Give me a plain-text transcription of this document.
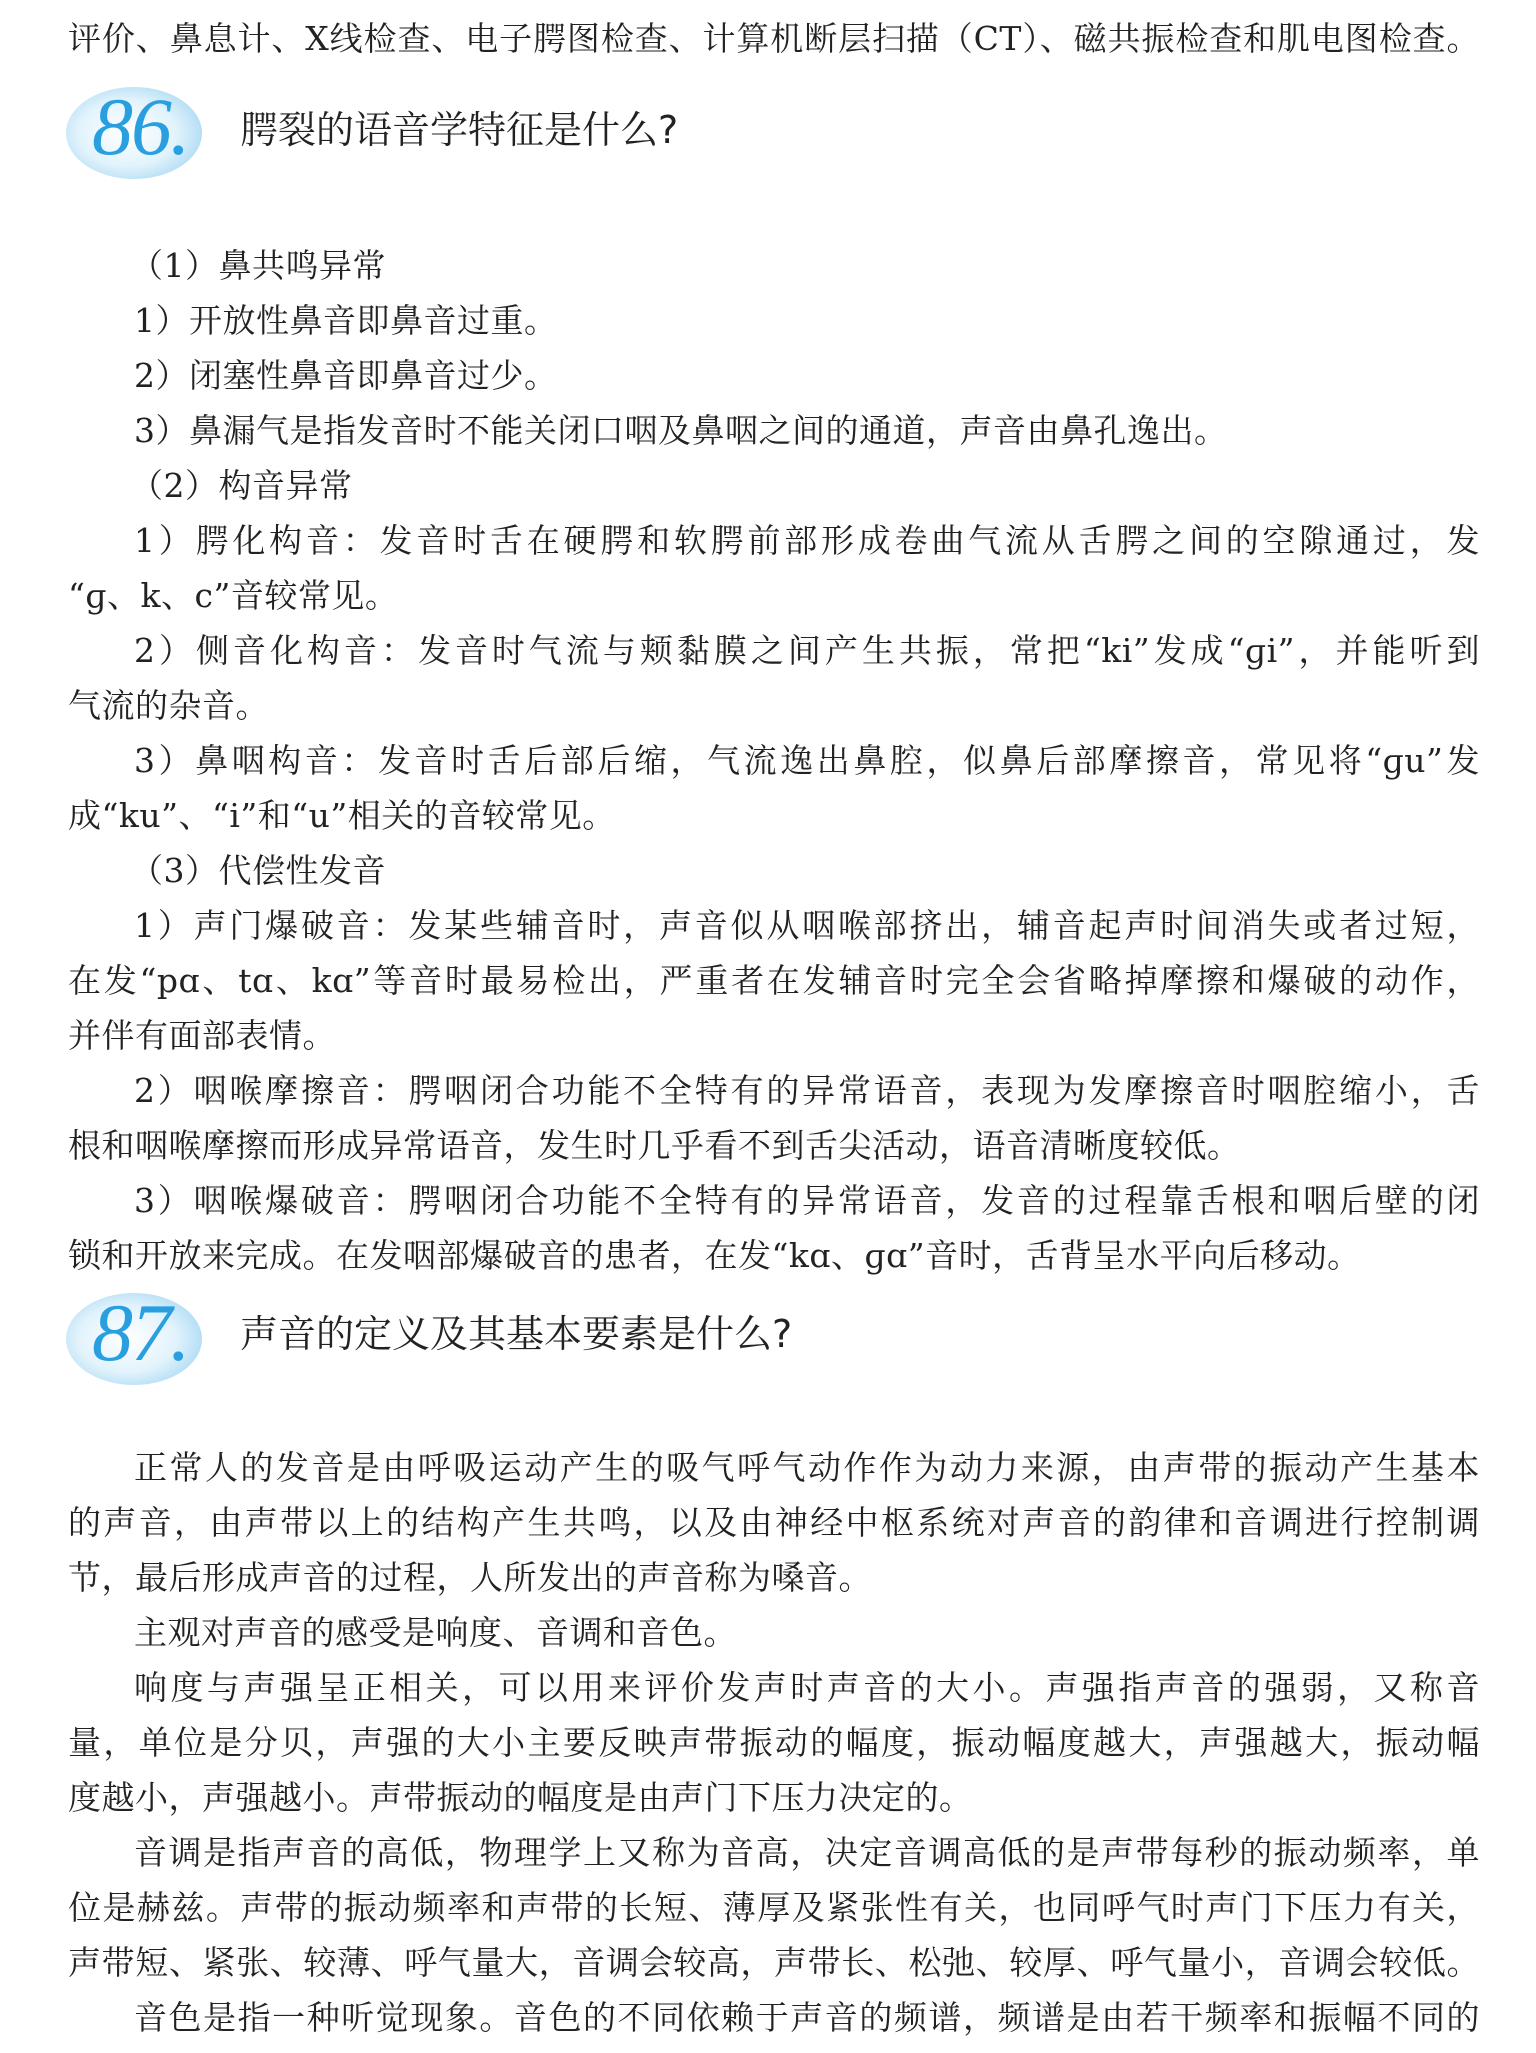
评价、鼻息计、X线检查、电子腭图检查、计算机断层扫描（CT）、磁共振检查和肌电图检查。
86. 腭裂的语音学特征是什么?
（1）鼻共鸣异常
1）开放性鼻音即鼻音过重。
2）闭塞性鼻音即鼻音过少。
3）鼻漏气是指发音时不能关闭口咽及鼻咽之间的通道，声音由鼻孔逸出。
（2）构音异常
1）腭化构音：发音时舌在硬腭和软腭前部形成卷曲气流从舌腭之间的空隙通过，发
“ɡ、k、c”音较常见。
2）侧音化构音：发音时气流与颊黏膜之间产生共振，常把“ki”发成“ɡi”，并能听到
气流的杂音。
3）鼻咽构音：发音时舌后部后缩，气流逸出鼻腔，似鼻后部摩擦音，常见将“ɡu”发
成“ku”、“i”和“u”相关的音较常见。
（3）代偿性发音
1）声门爆破音：发某些辅音时，声音似从咽喉部挤出，辅音起声时间消失或者过短，
在发“pɑ、tɑ、kɑ”等音时最易检出，严重者在发辅音时完全会省略掉摩擦和爆破的动作，
并伴有面部表情。
2）咽喉摩擦音：腭咽闭合功能不全特有的异常语音，表现为发摩擦音时咽腔缩小，舌
根和咽喉摩擦而形成异常语音，发生时几乎看不到舌尖活动，语音清晰度较低。
3）咽喉爆破音：腭咽闭合功能不全特有的异常语音，发音的过程靠舌根和咽后壁的闭
锁和开放来完成。在发咽部爆破音的患者，在发“kɑ、ɡɑ”音时，舌背呈水平向后移动。
87. 声音的定义及其基本要素是什么?
正常人的发音是由呼吸运动产生的吸气呼气动作作为动力来源，由声带的振动产生基本
的声音，由声带以上的结构产生共鸣，以及由神经中枢系统对声音的韵律和音调进行控制调
节，最后形成声音的过程，人所发出的声音称为嗓音。
主观对声音的感受是响度、音调和音色。
响度与声强呈正相关，可以用来评价发声时声音的大小。声强指声音的强弱，又称音
量，单位是分贝，声强的大小主要反映声带振动的幅度，振动幅度越大，声强越大，振动幅
度越小，声强越小。声带振动的幅度是由声门下压力决定的。
音调是指声音的高低，物理学上又称为音高，决定音调高低的是声带每秒的振动频率，单
位是赫兹。声带的振动频率和声带的长短、薄厚及紧张性有关，也同呼气时声门下压力有关，
声带短、紧张、较薄、呼气量大，音调会较高，声带长、松弛、较厚、呼气量小，音调会较低。
音色是指一种听觉现象。音色的不同依赖于声音的频谱，频谱是由若干频率和振幅不同的
